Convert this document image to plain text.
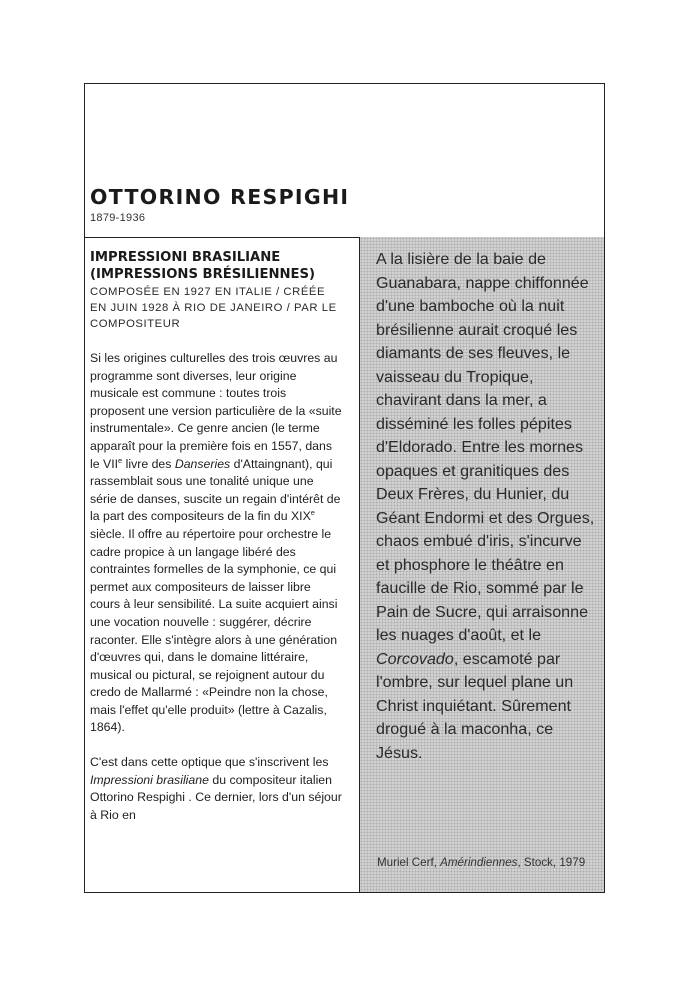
OTTORINO RESPIGHI
1879-1936
IMPRESSIONI BRASILIANE
(IMPRESSIONS BRÉSILIENNES)
COMPOSÉE EN 1927 EN ITALIE / CRÉÉE EN JUIN 1928 À RIO DE JANEIRO / PAR LE COMPOSITEUR

Si les origines culturelles des trois œuvres au programme sont diverses, leur origine musicale est commune : toutes trois proposent une version particulière de la «suite instrumentale». Ce genre ancien (le terme apparaît pour la première fois en 1557, dans le VIIe livre des Danseries d'Attaingnant), qui rassemblait sous une tonalité unique une série de danses, suscite un regain d'intérêt de la part des compositeurs de la fin du XIXe siècle. Il offre au répertoire pour orchestre le cadre propice à un langage libéré des contraintes formelles de la symphonie, ce qui permet aux compositeurs de laisser libre cours à leur sensibilité. La suite acquiert ainsi une vocation nouvelle : suggérer, décrire raconter. Elle s'intègre alors à une génération d'œuvres qui, dans le domaine littéraire, musical ou pictural, se rejoignent autour du credo de Mallarmé : «Peindre non la chose, mais l'effet qu'elle produit» (lettre à Cazalis, 1864).

C'est dans cette optique que s'inscrivent les Impressioni brasiliane du compositeur italien Ottorino Respighi . Ce dernier, lors d'un séjour à Rio en

A la lisière de la baie de Guanabara, nappe chiffonnée d'une bamboche où la nuit brésilienne aurait croqué les diamants de ses fleuves, le vaisseau du Tropique, chavirant dans la mer, a disséminé les folles pépites d'Eldorado. Entre les mornes opaques et granitiques des Deux Frères, du Hunier, du Géant Endormi et des Orgues, chaos embué d'iris, s'incurve et phosphore le théâtre en faucille de Rio, sommé par le Pain de Sucre, qui arraisonne les nuages d'août, et le Corcovado, escamoté par l'ombre, sur lequel plane un Christ inquiétant. Sûrement drogué à la maconha, ce Jésus.
Muriel Cerf, Amérindiennes, Stock, 1979
